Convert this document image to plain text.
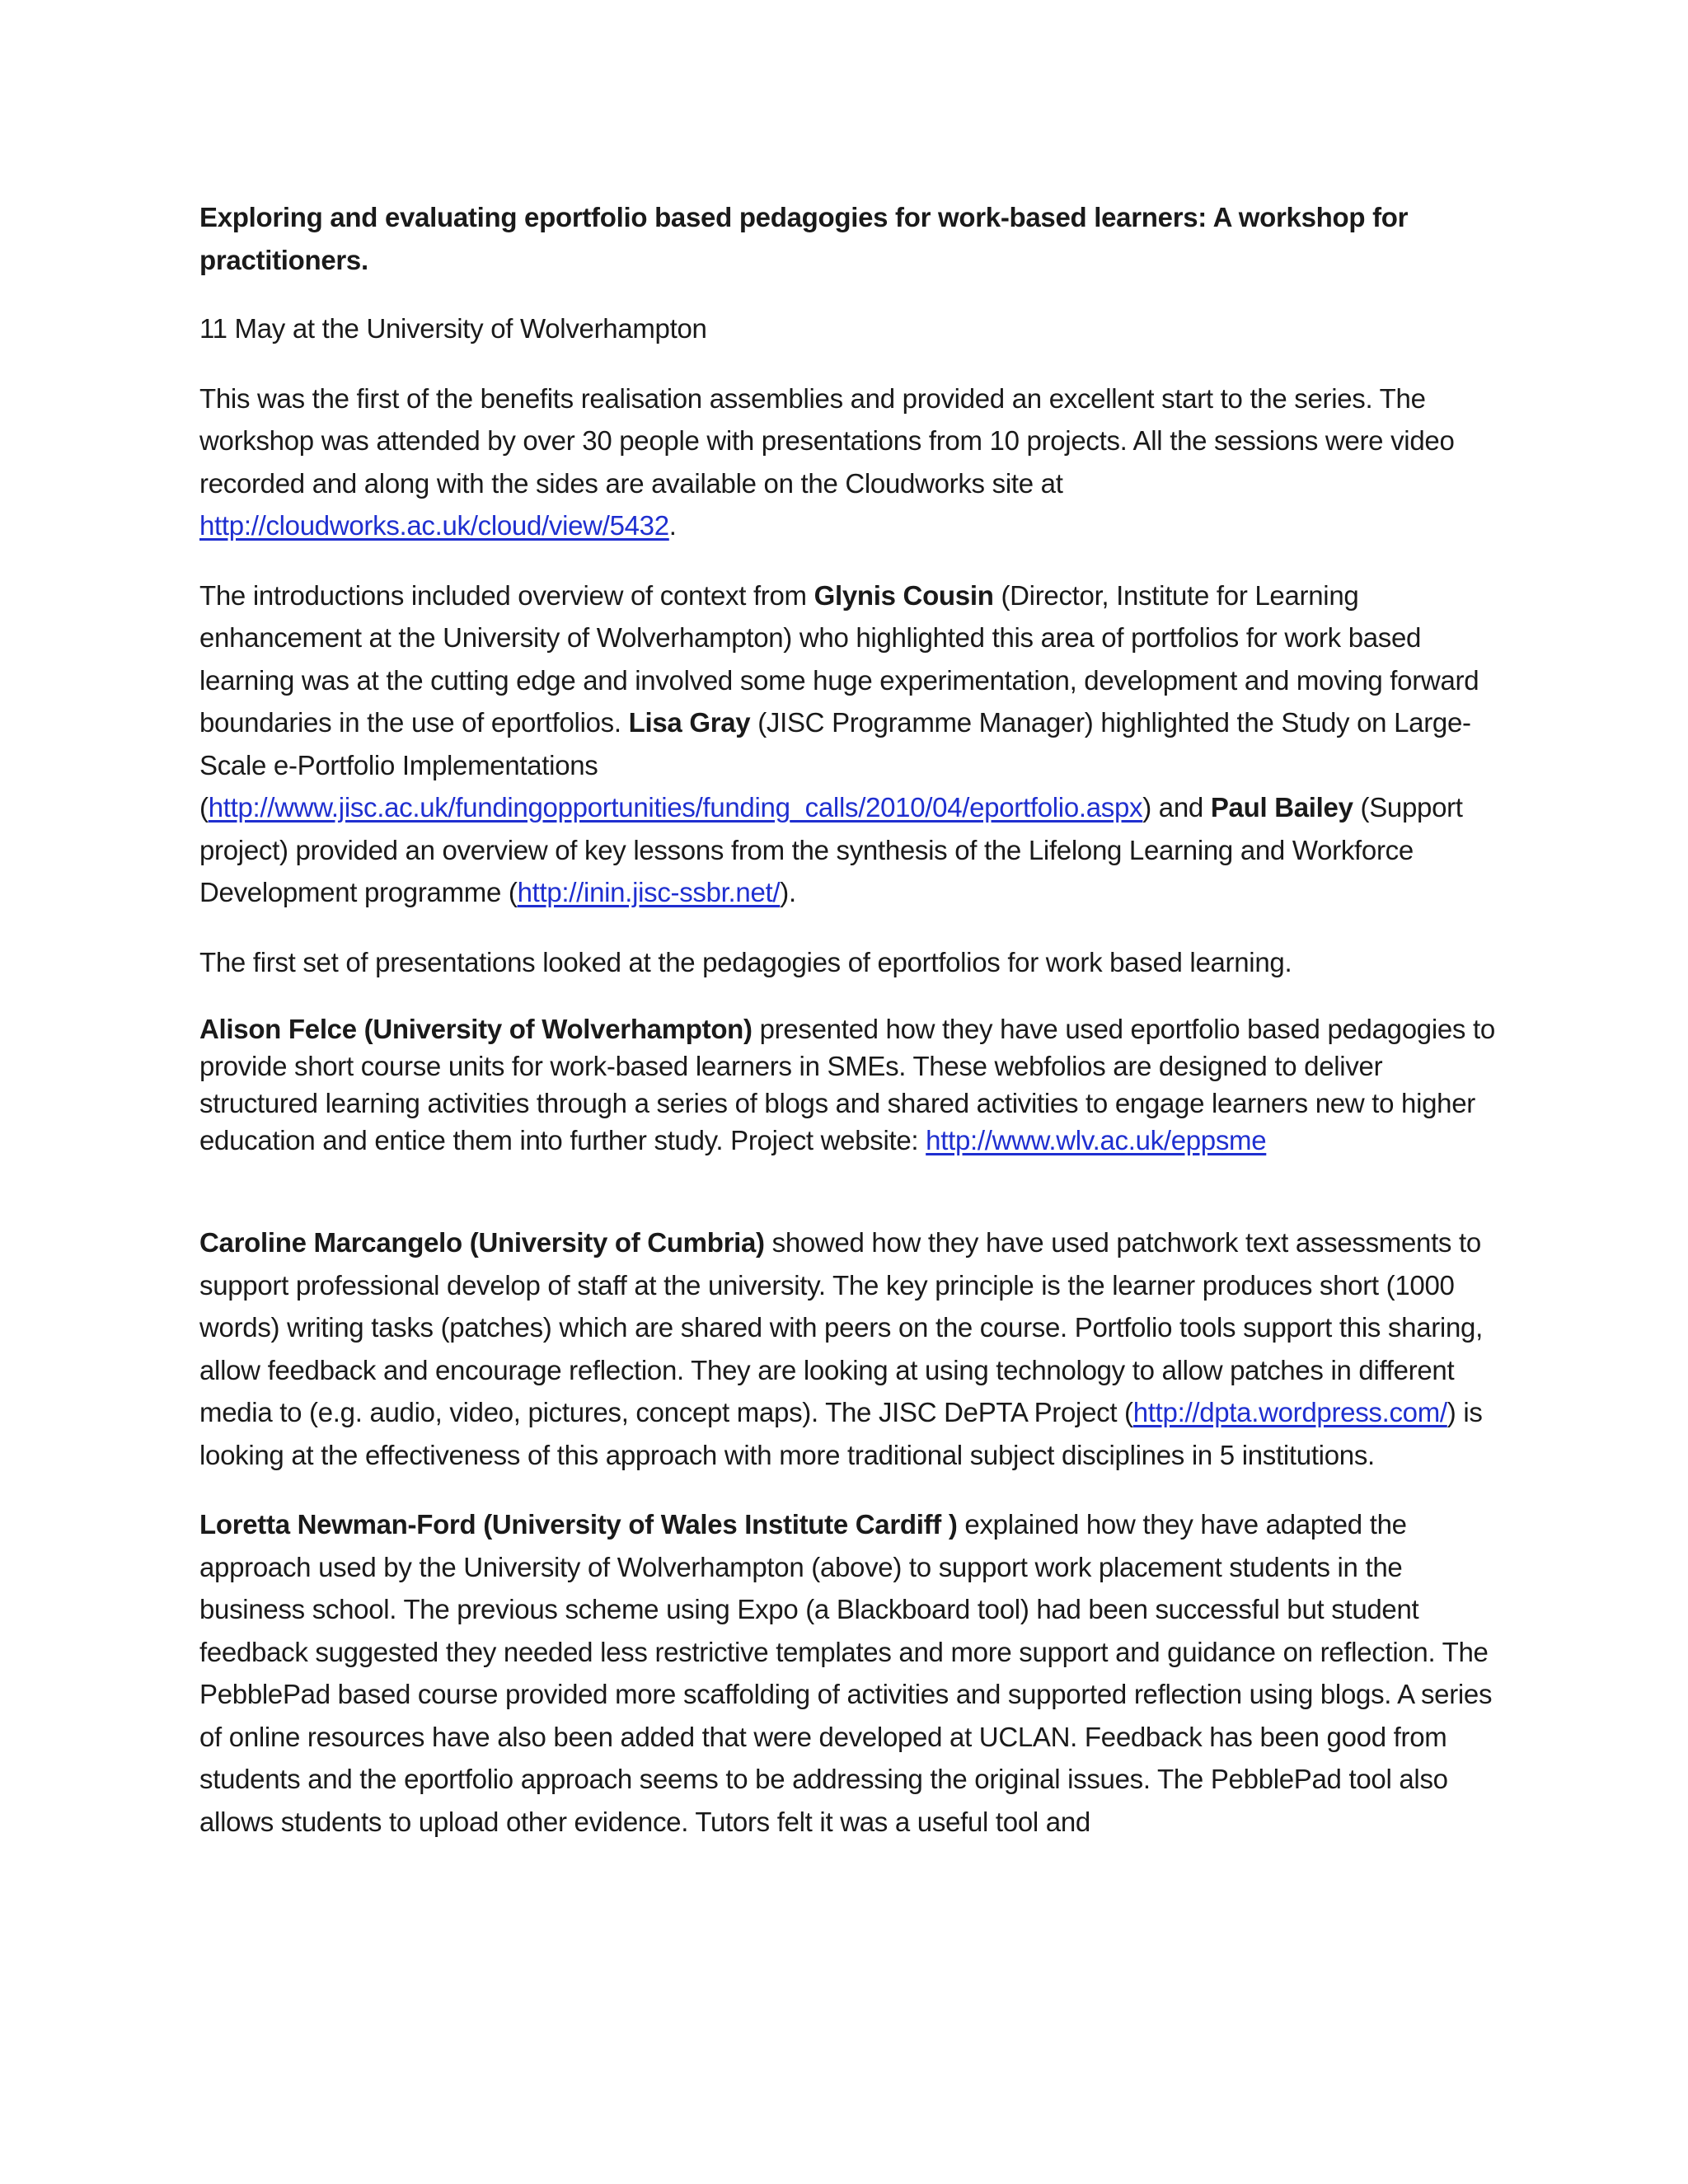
Exploring and evaluating eportfolio based pedagogies for work-based learners: A workshop for practitioners.

11 May at the University of Wolverhampton

This was the first of the benefits realisation assemblies and provided an excellent start to the series. The workshop was attended by over 30 people with presentations from 10 projects. All the sessions were video recorded and along with the sides are available on the Cloudworks site at http://cloudworks.ac.uk/cloud/view/5432.

The introductions included overview of context from Glynis Cousin (Director, Institute for Learning enhancement at the University of Wolverhampton) who highlighted this area of portfolios for work based learning was at the cutting edge and involved some huge experimentation, development and moving forward boundaries in the use of eportfolios. Lisa Gray (JISC Programme Manager) highlighted the Study on Large-Scale e-Portfolio Implementations (http://www.jisc.ac.uk/fundingopportunities/funding_calls/2010/04/eportfolio.aspx) and Paul Bailey (Support project) provided an overview of key lessons from the synthesis of the Lifelong Learning and Workforce Development programme (http://inin.jisc-ssbr.net/).

The first set of presentations looked at the pedagogies of eportfolios for work based learning.

Alison Felce (University of Wolverhampton) presented how they have used eportfolio based pedagogies to provide short course units for work-based learners in SMEs. These webfolios are designed to deliver structured learning activities through a series of blogs and shared activities to engage learners new to higher education and entice them into further study. Project website: http://www.wlv.ac.uk/eppsme

Caroline Marcangelo (University of Cumbria) showed how they have used patchwork text assessments to support professional develop of staff at the university. The key principle is the learner produces short (1000 words) writing tasks (patches) which are shared with peers on the course. Portfolio tools support this sharing, allow feedback and encourage reflection. They are looking at using technology to allow patches in different media to (e.g. audio, video, pictures, concept maps). The JISC DePTA Project (http://dpta.wordpress.com/) is looking at the effectiveness of this approach with more traditional subject disciplines in 5 institutions.

Loretta Newman-Ford (University of Wales Institute Cardiff ) explained how they have adapted the approach used by the University of Wolverhampton (above) to support work placement students in the business school. The previous scheme using Expo (a Blackboard tool) had been successful but student feedback suggested they needed less restrictive templates and more support and guidance on reflection. The PebblePad based course provided more scaffolding of activities and supported reflection using blogs. A series of online resources have also been added that were developed at UCLAN. Feedback has been good from students and the eportfolio approach seems to be addressing the original issues. The PebblePad tool also allows students to upload other evidence. Tutors felt it was a useful tool and
